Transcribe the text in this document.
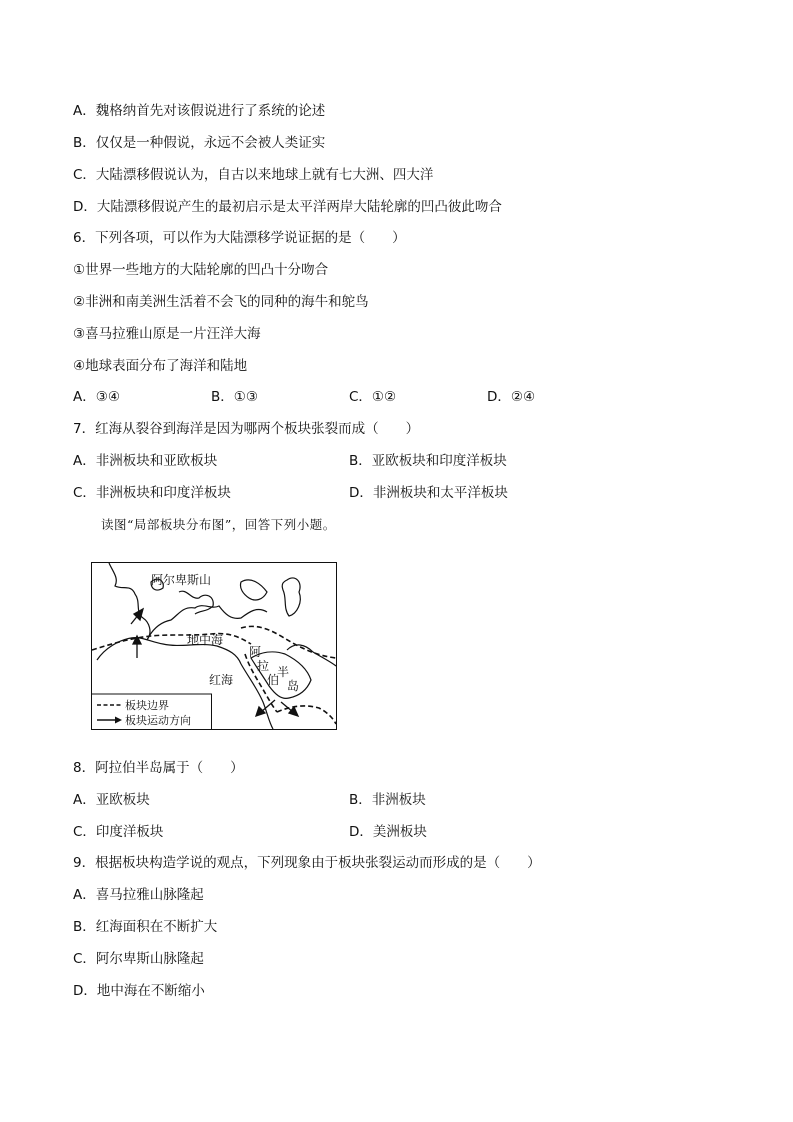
A．魏格纳首先对该假说进行了系统的论述
B．仅仅是一种假说，永远不会被人类证实
C．大陆漂移假说认为，自古以来地球上就有七大洲、四大洋
D．大陆漂移假说产生的最初启示是太平洋两岸大陆轮廓的凹凸彼此吻合
6．下列各项，可以作为大陆漂移学说证据的是（　　）
①世界一些地方的大陆轮廓的凹凸十分吻合
②非洲和南美洲生活着不会飞的同种的海牛和鸵鸟
③喜马拉雅山原是一片汪洋大海
④地球表面分布了海洋和陆地
A．③④	B．①③	C．①②	D．②④
7．红海从裂谷到海洋是因为哪两个板块张裂而成（　　）
A．非洲板块和亚欧板块	B．亚欧板块和印度洋板块
C．非洲板块和印度洋板块	D．非洲板块和太平洋板块
读图“局部板块分布图”，回答下列小题。
阿尔卑斯山
地中海
红海
阿
拉
伯
半
岛
板块边界
板块运动方向
8．阿拉伯半岛属于（　　）
A．亚欧板块	B．非洲板块
C．印度洋板块	D．美洲板块
9．根据板块构造学说的观点，下列现象由于板块张裂运动而形成的是（　　）
A．喜马拉雅山脉隆起
B．红海面积在不断扩大
C．阿尔卑斯山脉隆起
D．地中海在不断缩小
